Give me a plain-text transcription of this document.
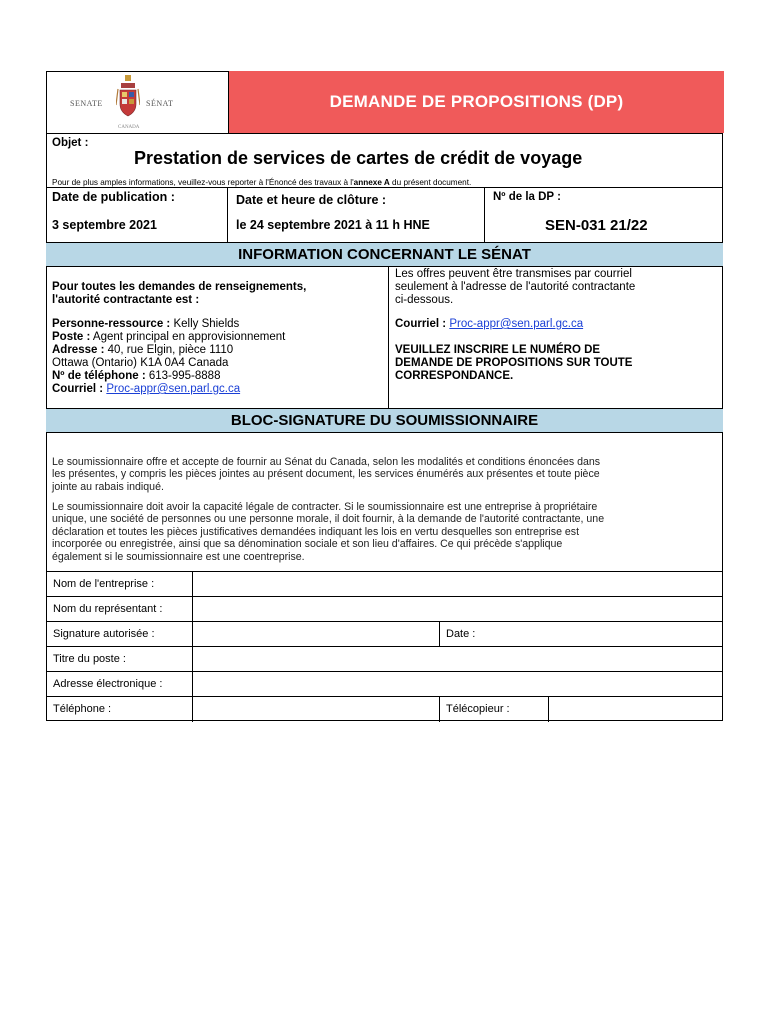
SENATE	SÉNAT
CANADA
DEMANDE DE PROPOSITIONS (DP)
Objet :
Prestation de services de cartes de crédit de voyage
Pour de plus amples informations, veuillez-vous reporter à l'Énoncé des travaux à l'annexe A du présent document.
Date de publication :
3 septembre 2021
Date et heure de clôture :
le 24 septembre 2021 à 11 h HNE
Nº de la DP :
SEN-031 21/22
INFORMATION CONCERNANT LE SÉNAT
Pour toutes les demandes de renseignements,
l'autorité contractante est :
Personne-ressource : Kelly Shields
Poste : Agent principal en approvisionnement
Adresse : 40, rue Elgin, pièce 1110
Ottawa (Ontario) K1A 0A4 Canada
Nº de téléphone : 613-995-8888
Courriel : Proc-appr@sen.parl.gc.ca
Les offres peuvent être transmises par courriel
seulement à l'adresse de l'autorité contractante
ci-dessous.
Courriel : Proc-appr@sen.parl.gc.ca
VEUILLEZ INSCRIRE LE NUMÉRO DE
DEMANDE DE PROPOSITIONS SUR TOUTE
CORRESPONDANCE.
BLOC-SIGNATURE DU SOUMISSIONNAIRE
Le soumissionnaire offre et accepte de fournir au Sénat du Canada, selon les modalités et conditions énoncées dans
les présentes, y compris les pièces jointes au présent document, les services énumérés aux présentes et toute pièce
jointe au rabais indiqué.
Le soumissionnaire doit avoir la capacité légale de contracter. Si le soumissionnaire est une entreprise à propriétaire
unique, une société de personnes ou une personne morale, il doit fournir, à la demande de l'autorité contractante, une
déclaration et toutes les pièces justificatives demandées indiquant les lois en vertu desquelles son entreprise est
incorporée ou enregistrée, ainsi que sa dénomination sociale et son lieu d'affaires. Ce qui précède s'applique
également si le soumissionnaire est une coentreprise.
Nom de l'entreprise :
Nom du représentant :
Signature autorisée :	Date :
Titre du poste :
Adresse électronique :
Téléphone :	Télécopieur :
